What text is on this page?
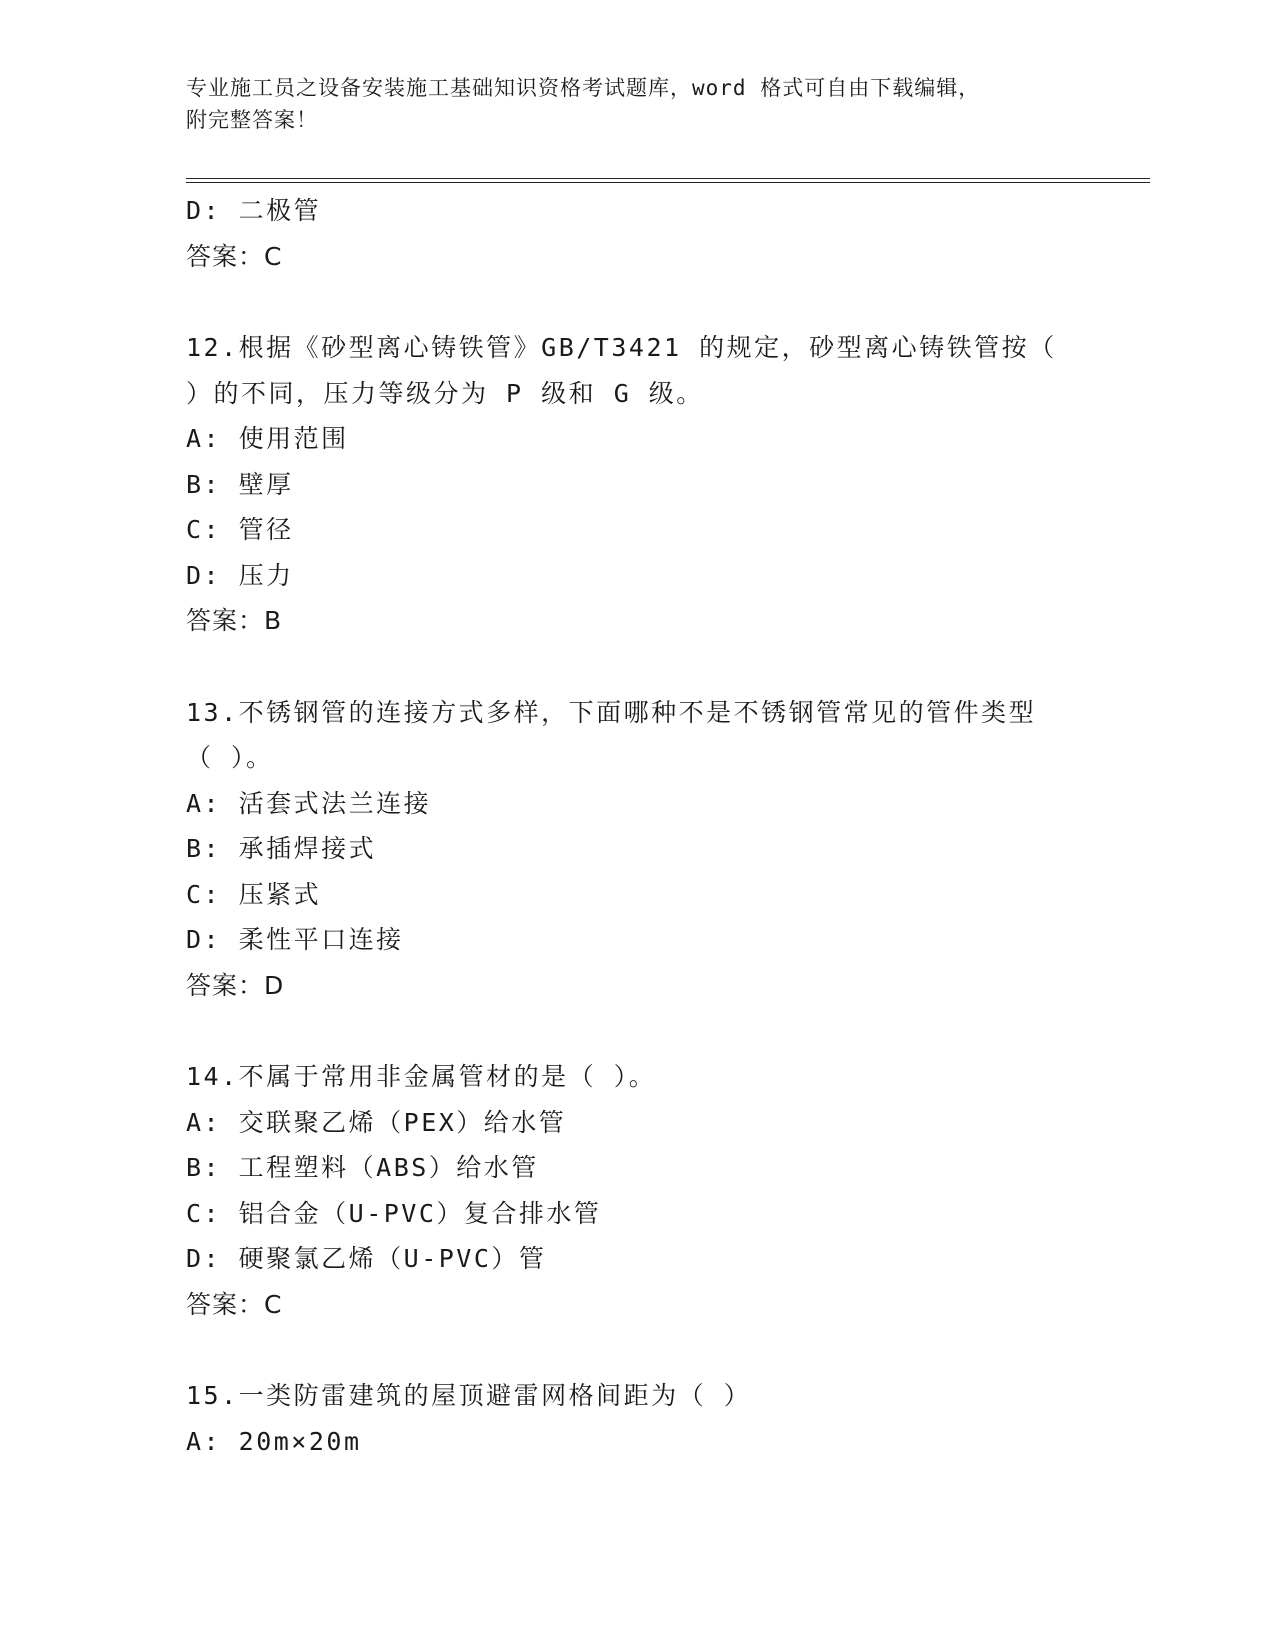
专业施工员之设备安装施工基础知识资格考试题库，word 格式可自由下载编辑，
附完整答案！
D: 二极管
答案：C
12.根据《砂型离心铸铁管》GB/T3421 的规定，砂型离心铸铁管按（
）的不同，压力等级分为 P 级和 G 级。
A: 使用范围
B: 壁厚
C: 管径
D: 压力
答案：B
13.不锈钢管的连接方式多样，下面哪种不是不锈钢管常见的管件类型
（ ）。
A: 活套式法兰连接
B: 承插焊接式
C: 压紧式
D: 柔性平口连接
答案：D
14.不属于常用非金属管材的是（ ）。
A: 交联聚乙烯（PEX）给水管
B: 工程塑料（ABS）给水管
C: 铝合金（U-PVC）复合排水管
D: 硬聚氯乙烯（U-PVC）管
答案：C
15.一类防雷建筑的屋顶避雷网格间距为（ ）
A: 20m×20m
